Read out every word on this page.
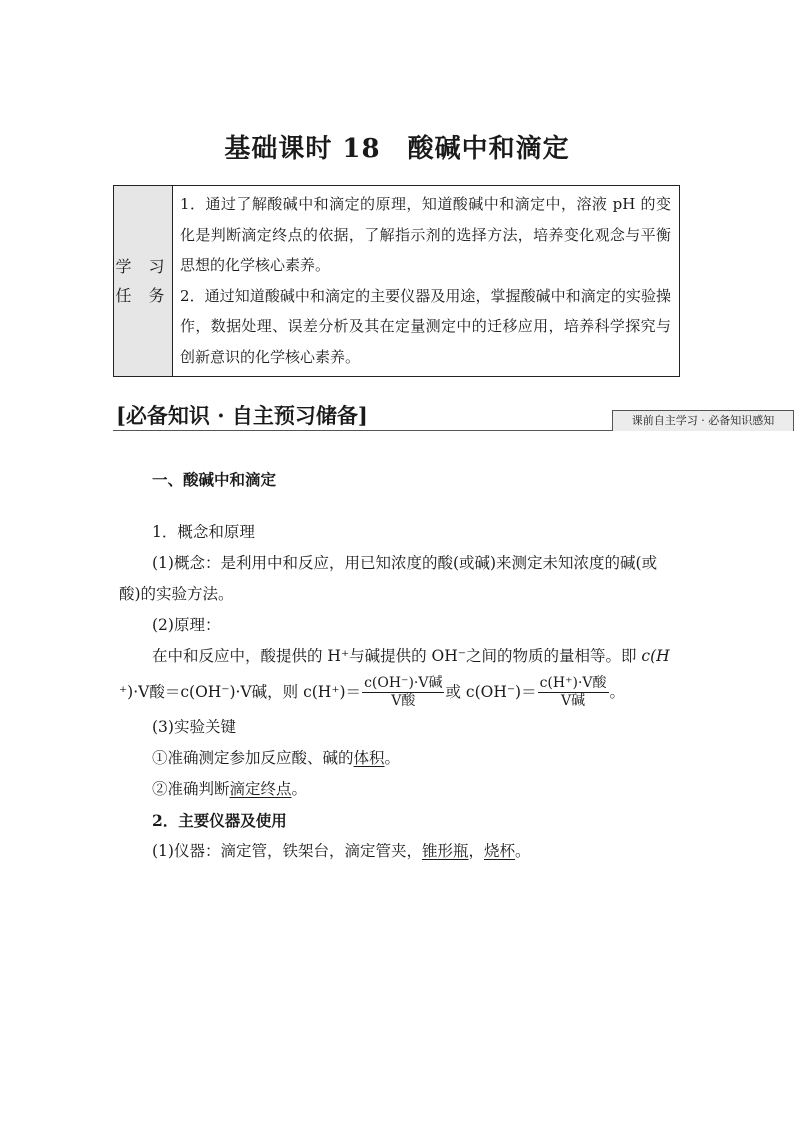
基础课时 18　酸碱中和滴定
学 习
任 务

1．通过了解酸碱中和滴定的原理，知道酸碱中和滴定中，溶液 pH 的变化是判断滴定终点的依据，了解指示剂的选择方法，培养变化观念与平衡思想的化学核心素养。

2．通过知道酸碱中和滴定的主要仪器及用途，掌握酸碱中和滴定的实验操作，数据处理、误差分析及其在定量测定中的迁移应用，培养科学探究与创新意识的化学核心素养。

[必备知识 · 自主预习储备]	课前自主学习 · 必备知识感知

一、酸碱中和滴定

1．概念和原理

(1)概念：是利用中和反应，用已知浓度的酸(或碱)来测定未知浓度的碱(或

酸)的实验方法。

(2)原理：

在中和反应中，酸提供的 H⁺与碱提供的 OH⁻之间的物质的量相等。即 c(H

⁺)·V酸＝c(OH⁻)·V碱，则 $c(H^+)= \frac{\text{c(OH⁻)·V碱}}{\text{V酸}}$ 或 $c(OH^-)= \frac{\text{c(H⁺)·V酸}}{\text{V碱}}$ 。

(3)实验关键

①准确测定参加反应酸、碱的体积。

②准确判断滴定终点。

2．主要仪器及使用

(1)仪器：滴定管，铁架台，滴定管夹，锥形瓶，烧杯。
